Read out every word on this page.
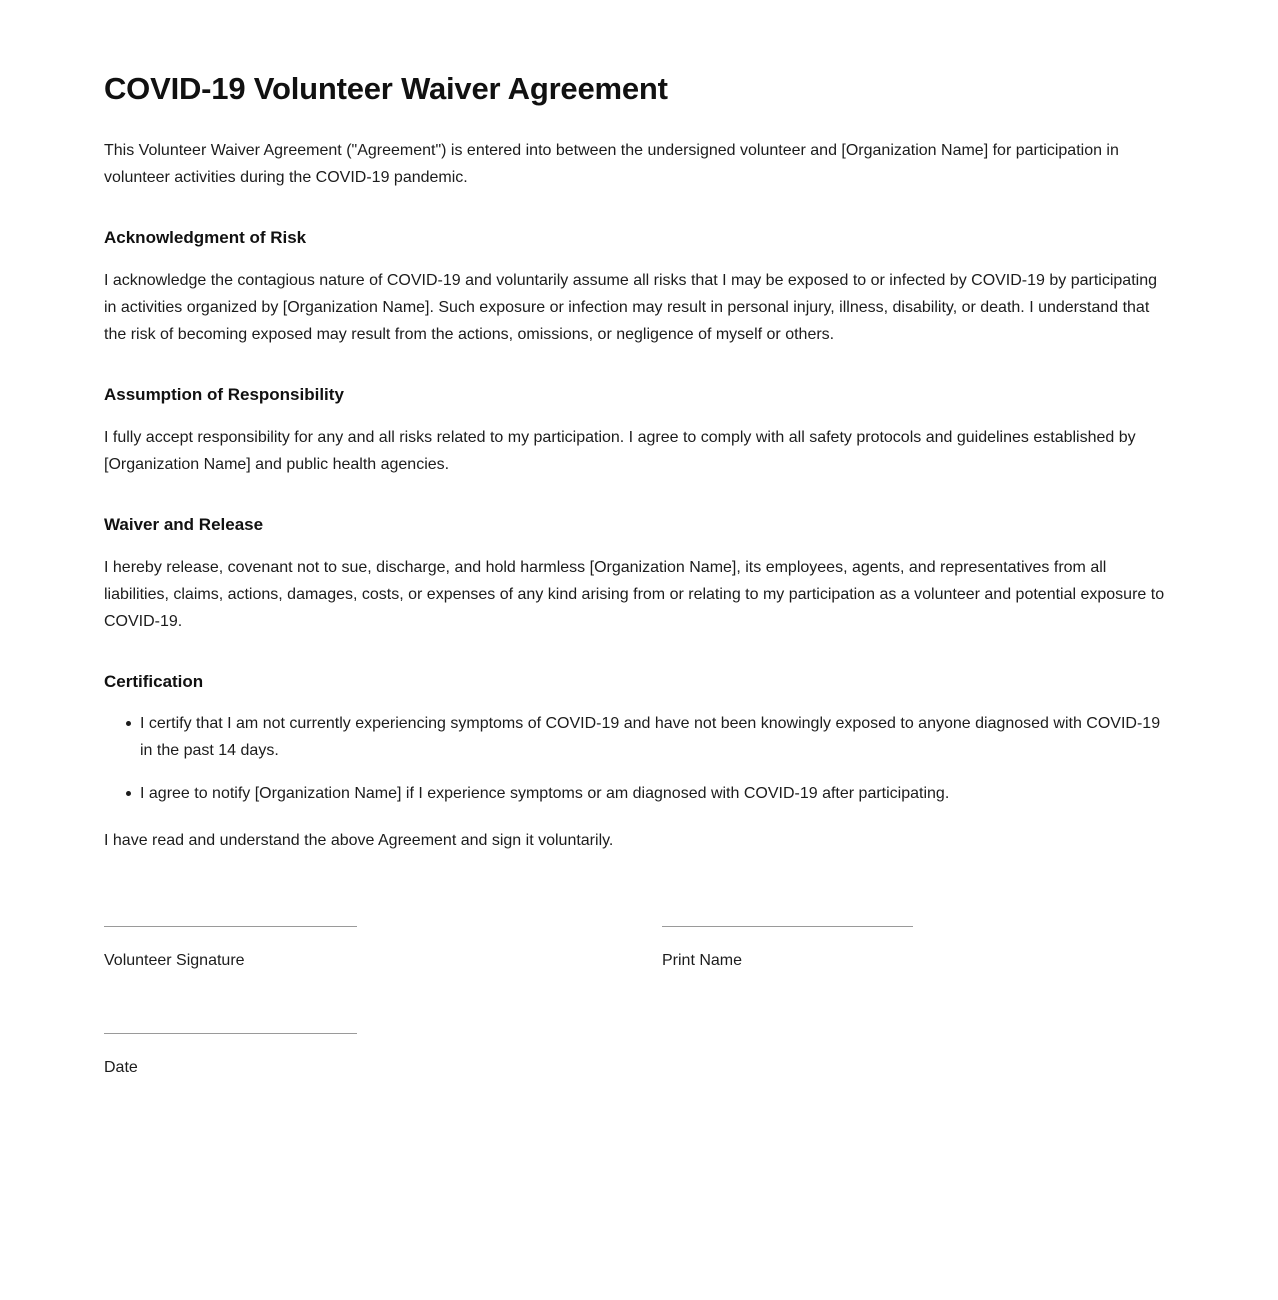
COVID-19 Volunteer Waiver Agreement

This Volunteer Waiver Agreement ("Agreement") is entered into between the undersigned volunteer and [Organization Name] for participation in volunteer activities during the COVID-19 pandemic.

Acknowledgment of Risk

I acknowledge the contagious nature of COVID-19 and voluntarily assume all risks that I may be exposed to or infected by COVID-19 by participating in activities organized by [Organization Name]. Such exposure or infection may result in personal injury, illness, disability, or death. I understand that the risk of becoming exposed may result from the actions, omissions, or negligence of myself or others.

Assumption of Responsibility

I fully accept responsibility for any and all risks related to my participation. I agree to comply with all safety protocols and guidelines established by [Organization Name] and public health agencies.

Waiver and Release

I hereby release, covenant not to sue, discharge, and hold harmless [Organization Name], its employees, agents, and representatives from all liabilities, claims, actions, damages, costs, or expenses of any kind arising from or relating to my participation as a volunteer and potential exposure to COVID-19.

Certification
I certify that I am not currently experiencing symptoms of COVID-19 and have not been knowingly exposed to anyone diagnosed with COVID-19 in the past 14 days.
I agree to notify [Organization Name] if I experience symptoms or am diagnosed with COVID-19 after participating.

I have read and understand the above Agreement and sign it voluntarily.

Volunteer Signature	Print Name
Date
